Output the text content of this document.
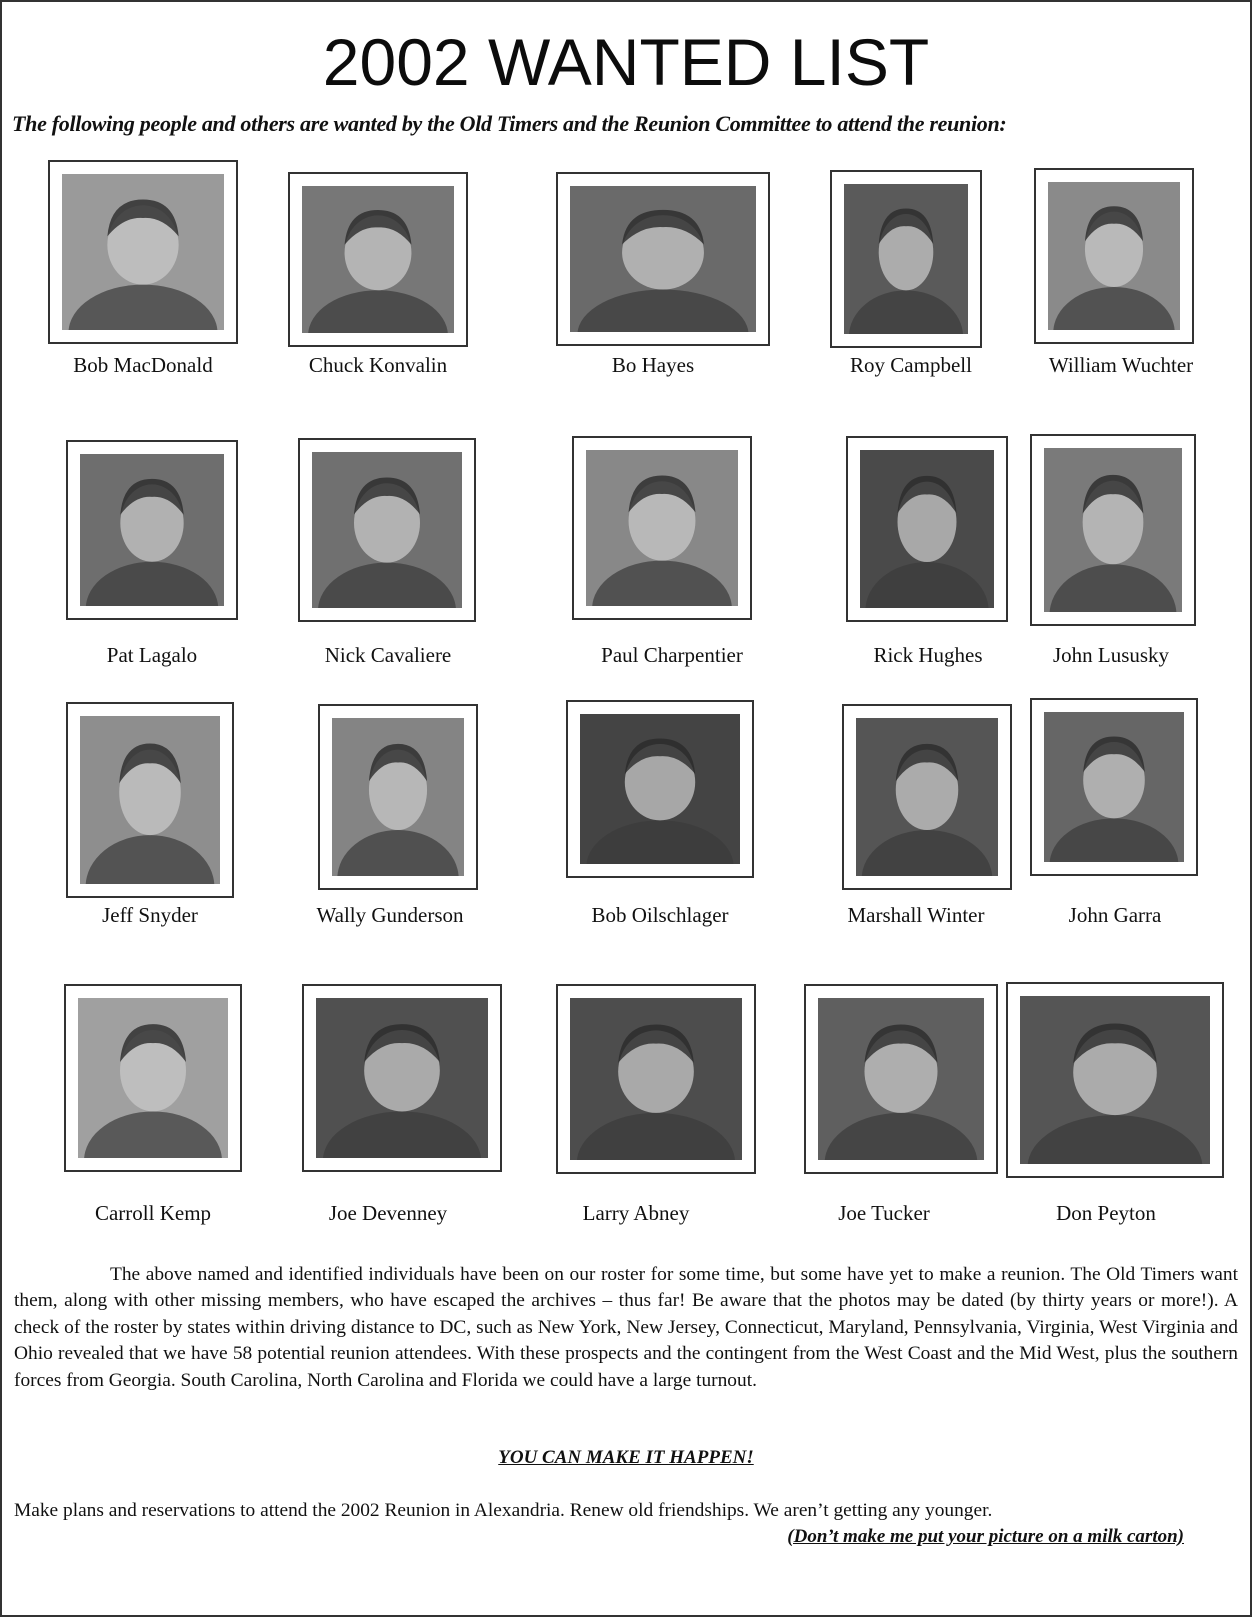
2002 WANTED LIST
The following people and others are wanted by the Old Timers and the Reunion Committee to attend the reunion:
Bob MacDonald	Chuck Konvalin	Bo Hayes	Roy Campbell	William Wuchter
Pat Lagalo	Nick Cavaliere	Paul Charpentier	Rick Hughes	John Lususky
Jeff Snyder	Wally Gunderson	Bob Oilschlager	Marshall Winter	John Garra
Carroll Kemp	Joe Devenney	Larry Abney	Joe Tucker	Don Peyton

The above named and identified individuals have been on our roster for some time, but some have yet to make a reunion. The Old Timers want them, along with other missing members, who have escaped the archives – thus far! Be aware that the photos may be dated (by thirty years or more!). A check of the roster by states within driving distance to DC, such as New York, New Jersey, Connecticut, Maryland, Pennsylvania, Virginia, West Virginia and Ohio revealed that we have 58 potential reunion attendees. With these prospects and the contingent from the West Coast and the Mid West, plus the southern forces from Georgia. South Carolina, North Carolina and Florida we could have a large turnout.

YOU CAN MAKE IT HAPPEN!
Make plans and reservations to attend the 2002 Reunion in Alexandria. Renew old friendships. We aren’t getting any younger.
(Don’t make me put your picture on a milk carton)
